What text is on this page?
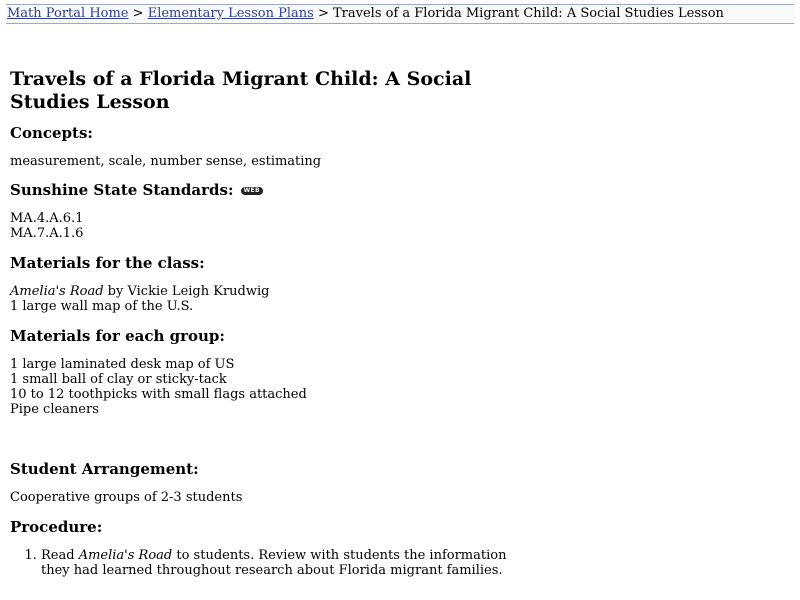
Math Portal Home > Elementary Lesson Plans > Travels of a Florida Migrant Child: A Social Studies Lesson
Travels of a Florida Migrant Child: A Social Studies Lesson
Concepts:

measurement, scale, number sense, estimating

Sunshine State Standards: WEB

MA.4.A.6.1

MA.7.A.1.6

Materials for the class:

Amelia's Road by Vickie Leigh Krudwig

1 large wall map of the U.S.

Materials for each group:

1 large laminated desk map of US

1 small ball of clay or sticky-tack

10 to 12 toothpicks with small flags attached

Pipe cleaners

Student Arrangement:

Cooperative groups of 2-3 students

Procedure:
1. Read Amelia's Road to students. Review with students the information they had learned throughout research about Florida migrant families.
